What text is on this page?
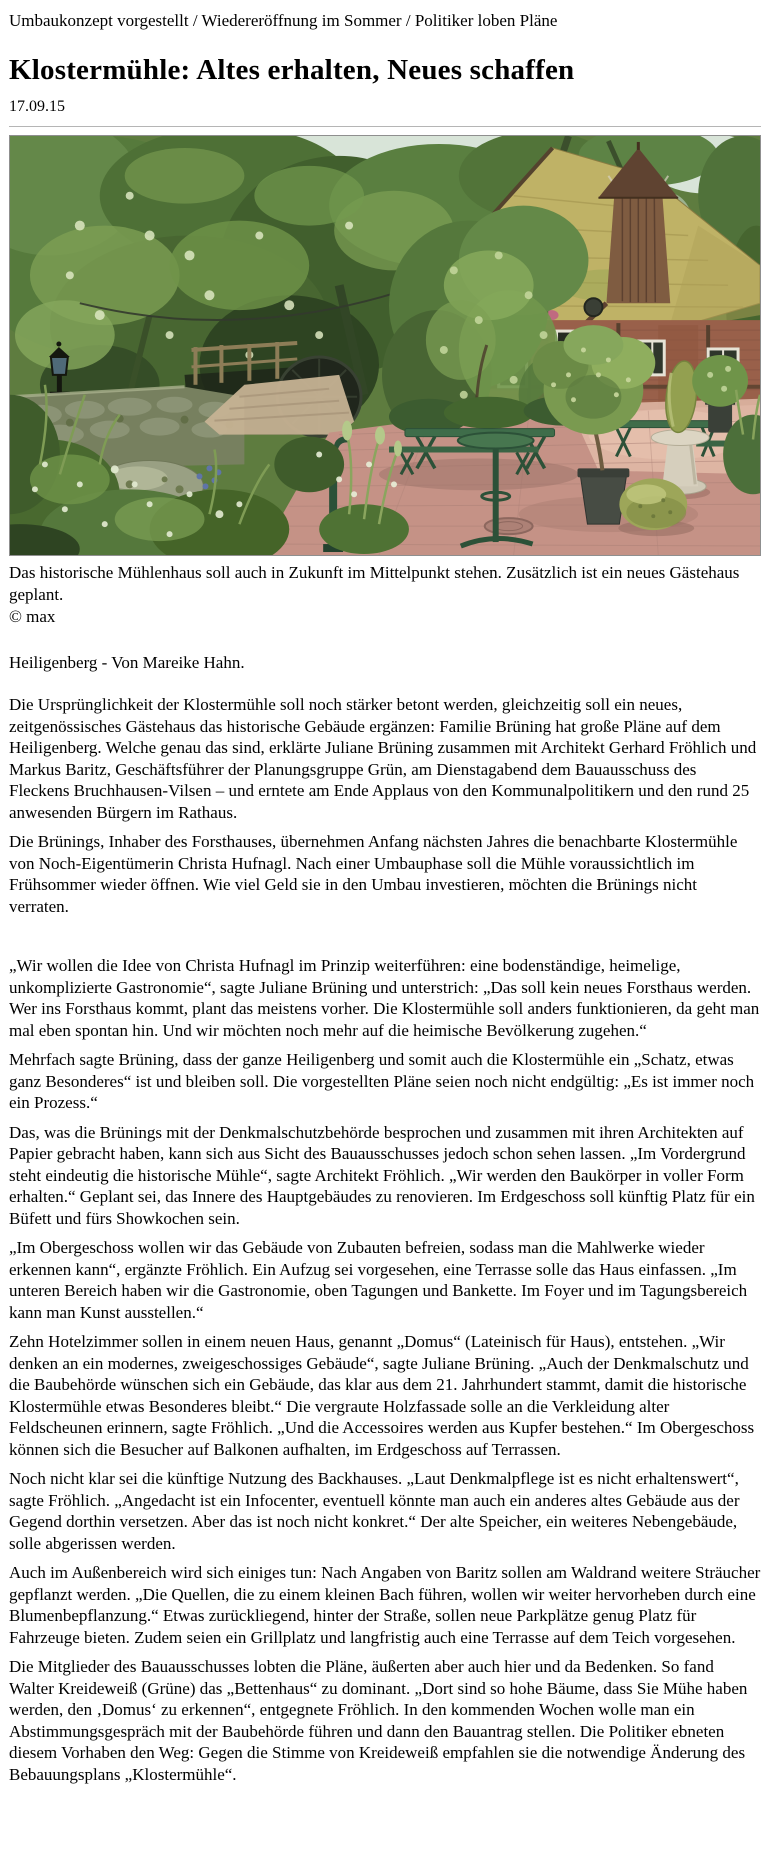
Umbaukonzept vorgestellt / Wiedereröffnung im Sommer / Politiker loben Pläne
Klostermühle: Altes erhalten, Neues schaffen
17.09.15
Das historische Mühlenhaus soll auch in Zukunft im Mittelpunkt stehen. Zusätzlich ist ein neues Gästehaus geplant.
© max
Heiligenberg - Von Mareike Hahn.

Die Ursprünglichkeit der Klostermühle soll noch stärker betont werden, gleichzeitig soll ein neues, zeitgenössisches Gästehaus das historische Gebäude ergänzen: Familie Brüning hat große Pläne auf dem Heiligenberg. Welche genau das sind, erklärte Juliane Brüning zusammen mit Architekt Gerhard Fröhlich und Markus Baritz, Geschäftsführer der Planungsgruppe Grün, am Dienstagabend dem Bauausschuss des Fleckens Bruchhausen-Vilsen – und erntete am Ende Applaus von den Kommunalpolitikern und den rund 25 anwesenden Bürgern im Rathaus.

Die Brünings, Inhaber des Forsthauses, übernehmen Anfang nächsten Jahres die benachbarte Klostermühle von Noch-Eigentümerin Christa Hufnagl. Nach einer Umbauphase soll die Mühle voraussichtlich im Frühsommer wieder öffnen. Wie viel Geld sie in den Umbau investieren, möchten die Brünings nicht verraten.

„Wir wollen die Idee von Christa Hufnagl im Prinzip weiterführen: eine bodenständige, heimelige, unkomplizierte Gastronomie“, sagte Juliane Brüning und unterstrich: „Das soll kein neues Forsthaus werden. Wer ins Forsthaus kommt, plant das meistens vorher. Die Klostermühle soll anders funktionieren, da geht man mal eben spontan hin. Und wir möchten noch mehr auf die heimische Bevölkerung zugehen.“

Mehrfach sagte Brüning, dass der ganze Heiligenberg und somit auch die Klostermühle ein „Schatz, etwas ganz Besonderes“ ist und bleiben soll. Die vorgestellten Pläne seien noch nicht endgültig: „Es ist immer noch ein Prozess.“

Das, was die Brünings mit der Denkmalschutzbehörde besprochen und zusammen mit ihren Architekten auf Papier gebracht haben, kann sich aus Sicht des Bauausschusses jedoch schon sehen lassen. „Im Vordergrund steht eindeutig die historische Mühle“, sagte Architekt Fröhlich. „Wir werden den Baukörper in voller Form erhalten.“ Geplant sei, das Innere des Hauptgebäudes zu renovieren. Im Erdgeschoss soll künftig Platz für ein Büfett und fürs Showkochen sein.

„Im Obergeschoss wollen wir das Gebäude von Zubauten befreien, sodass man die Mahlwerke wieder erkennen kann“, ergänzte Fröhlich. Ein Aufzug sei vorgesehen, eine Terrasse solle das Haus einfassen. „Im unteren Bereich haben wir die Gastronomie, oben Tagungen und Bankette. Im Foyer und im Tagungsbereich kann man Kunst ausstellen.“

Zehn Hotelzimmer sollen in einem neuen Haus, genannt „Domus“ (Lateinisch für Haus), entstehen. „Wir denken an ein modernes, zweigeschossiges Gebäude“, sagte Juliane Brüning. „Auch der Denkmalschutz und die Baubehörde wünschen sich ein Gebäude, das klar aus dem 21. Jahrhundert stammt, damit die historische Klostermühle etwas Besonderes bleibt.“ Die vergraute Holzfassade solle an die Verkleidung alter Feldscheunen erinnern, sagte Fröhlich. „Und die Accessoires werden aus Kupfer bestehen.“ Im Obergeschoss können sich die Besucher auf Balkonen aufhalten, im Erdgeschoss auf Terrassen.

Noch nicht klar sei die künftige Nutzung des Backhauses. „Laut Denkmalpflege ist es nicht erhaltenswert“, sagte Fröhlich. „Angedacht ist ein Infocenter, eventuell könnte man auch ein anderes altes Gebäude aus der Gegend dorthin versetzen. Aber das ist noch nicht konkret.“ Der alte Speicher, ein weiteres Nebengebäude, solle abgerissen werden.

Auch im Außenbereich wird sich einiges tun: Nach Angaben von Baritz sollen am Waldrand weitere Sträucher gepflanzt werden. „Die Quellen, die zu einem kleinen Bach führen, wollen wir weiter hervorheben durch eine Blumenbepflanzung.“ Etwas zurückliegend, hinter der Straße, sollen neue Parkplätze genug Platz für Fahrzeuge bieten. Zudem seien ein Grillplatz und langfristig auch eine Terrasse auf dem Teich vorgesehen.

Die Mitglieder des Bauausschusses lobten die Pläne, äußerten aber auch hier und da Bedenken. So fand Walter Kreideweiß (Grüne) das „Bettenhaus“ zu dominant. „Dort sind so hohe Bäume, dass Sie Mühe haben werden, den ‚Domus‘ zu erkennen“, entgegnete Fröhlich. In den kommenden Wochen wolle man ein Abstimmungsgespräch mit der Baubehörde führen und dann den Bauantrag stellen. Die Politiker ebneten diesem Vorhaben den Weg: Gegen die Stimme von Kreideweiß empfahlen sie die notwendige Änderung des Bebauungsplans „Klostermühle“.
